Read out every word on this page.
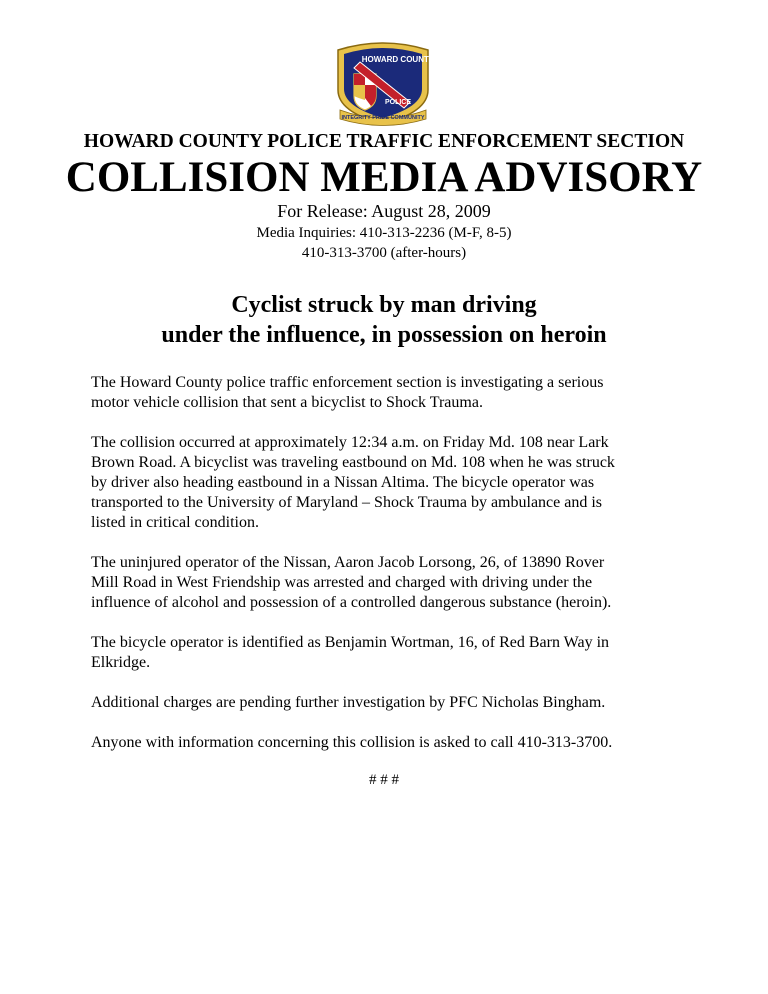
HOWARD COUNTY
POLICE
INTEGRITY PRIDE COMMUNITY
HOWARD COUNTY POLICE TRAFFIC ENFORCEMENT SECTION
COLLISION MEDIA ADVISORY
For Release: August 28, 2009
Media Inquiries: 410-313-2236 (M-F, 8-5)
410-313-3700 (after-hours)
Cyclist struck by man driving
under the influence, in possession on heroin
The Howard County police traffic enforcement section is investigating a serious
motor vehicle collision that sent a bicyclist to Shock Trauma.
The collision occurred at approximately 12:34 a.m. on Friday Md. 108 near Lark
Brown Road. A bicyclist was traveling eastbound on Md. 108 when he was struck
by driver also heading eastbound in a Nissan Altima. The bicycle operator was
transported to the University of Maryland – Shock Trauma by ambulance and is
listed in critical condition.
The uninjured operator of the Nissan, Aaron Jacob Lorsong, 26, of 13890 Rover
Mill Road in West Friendship was arrested and charged with driving under the
influence of alcohol and possession of a controlled dangerous substance (heroin).
The bicycle operator is identified as Benjamin Wortman, 16, of Red Barn Way in
Elkridge.
Additional charges are pending further investigation by PFC Nicholas Bingham.
Anyone with information concerning this collision is asked to call 410-313-3700.
# # #
